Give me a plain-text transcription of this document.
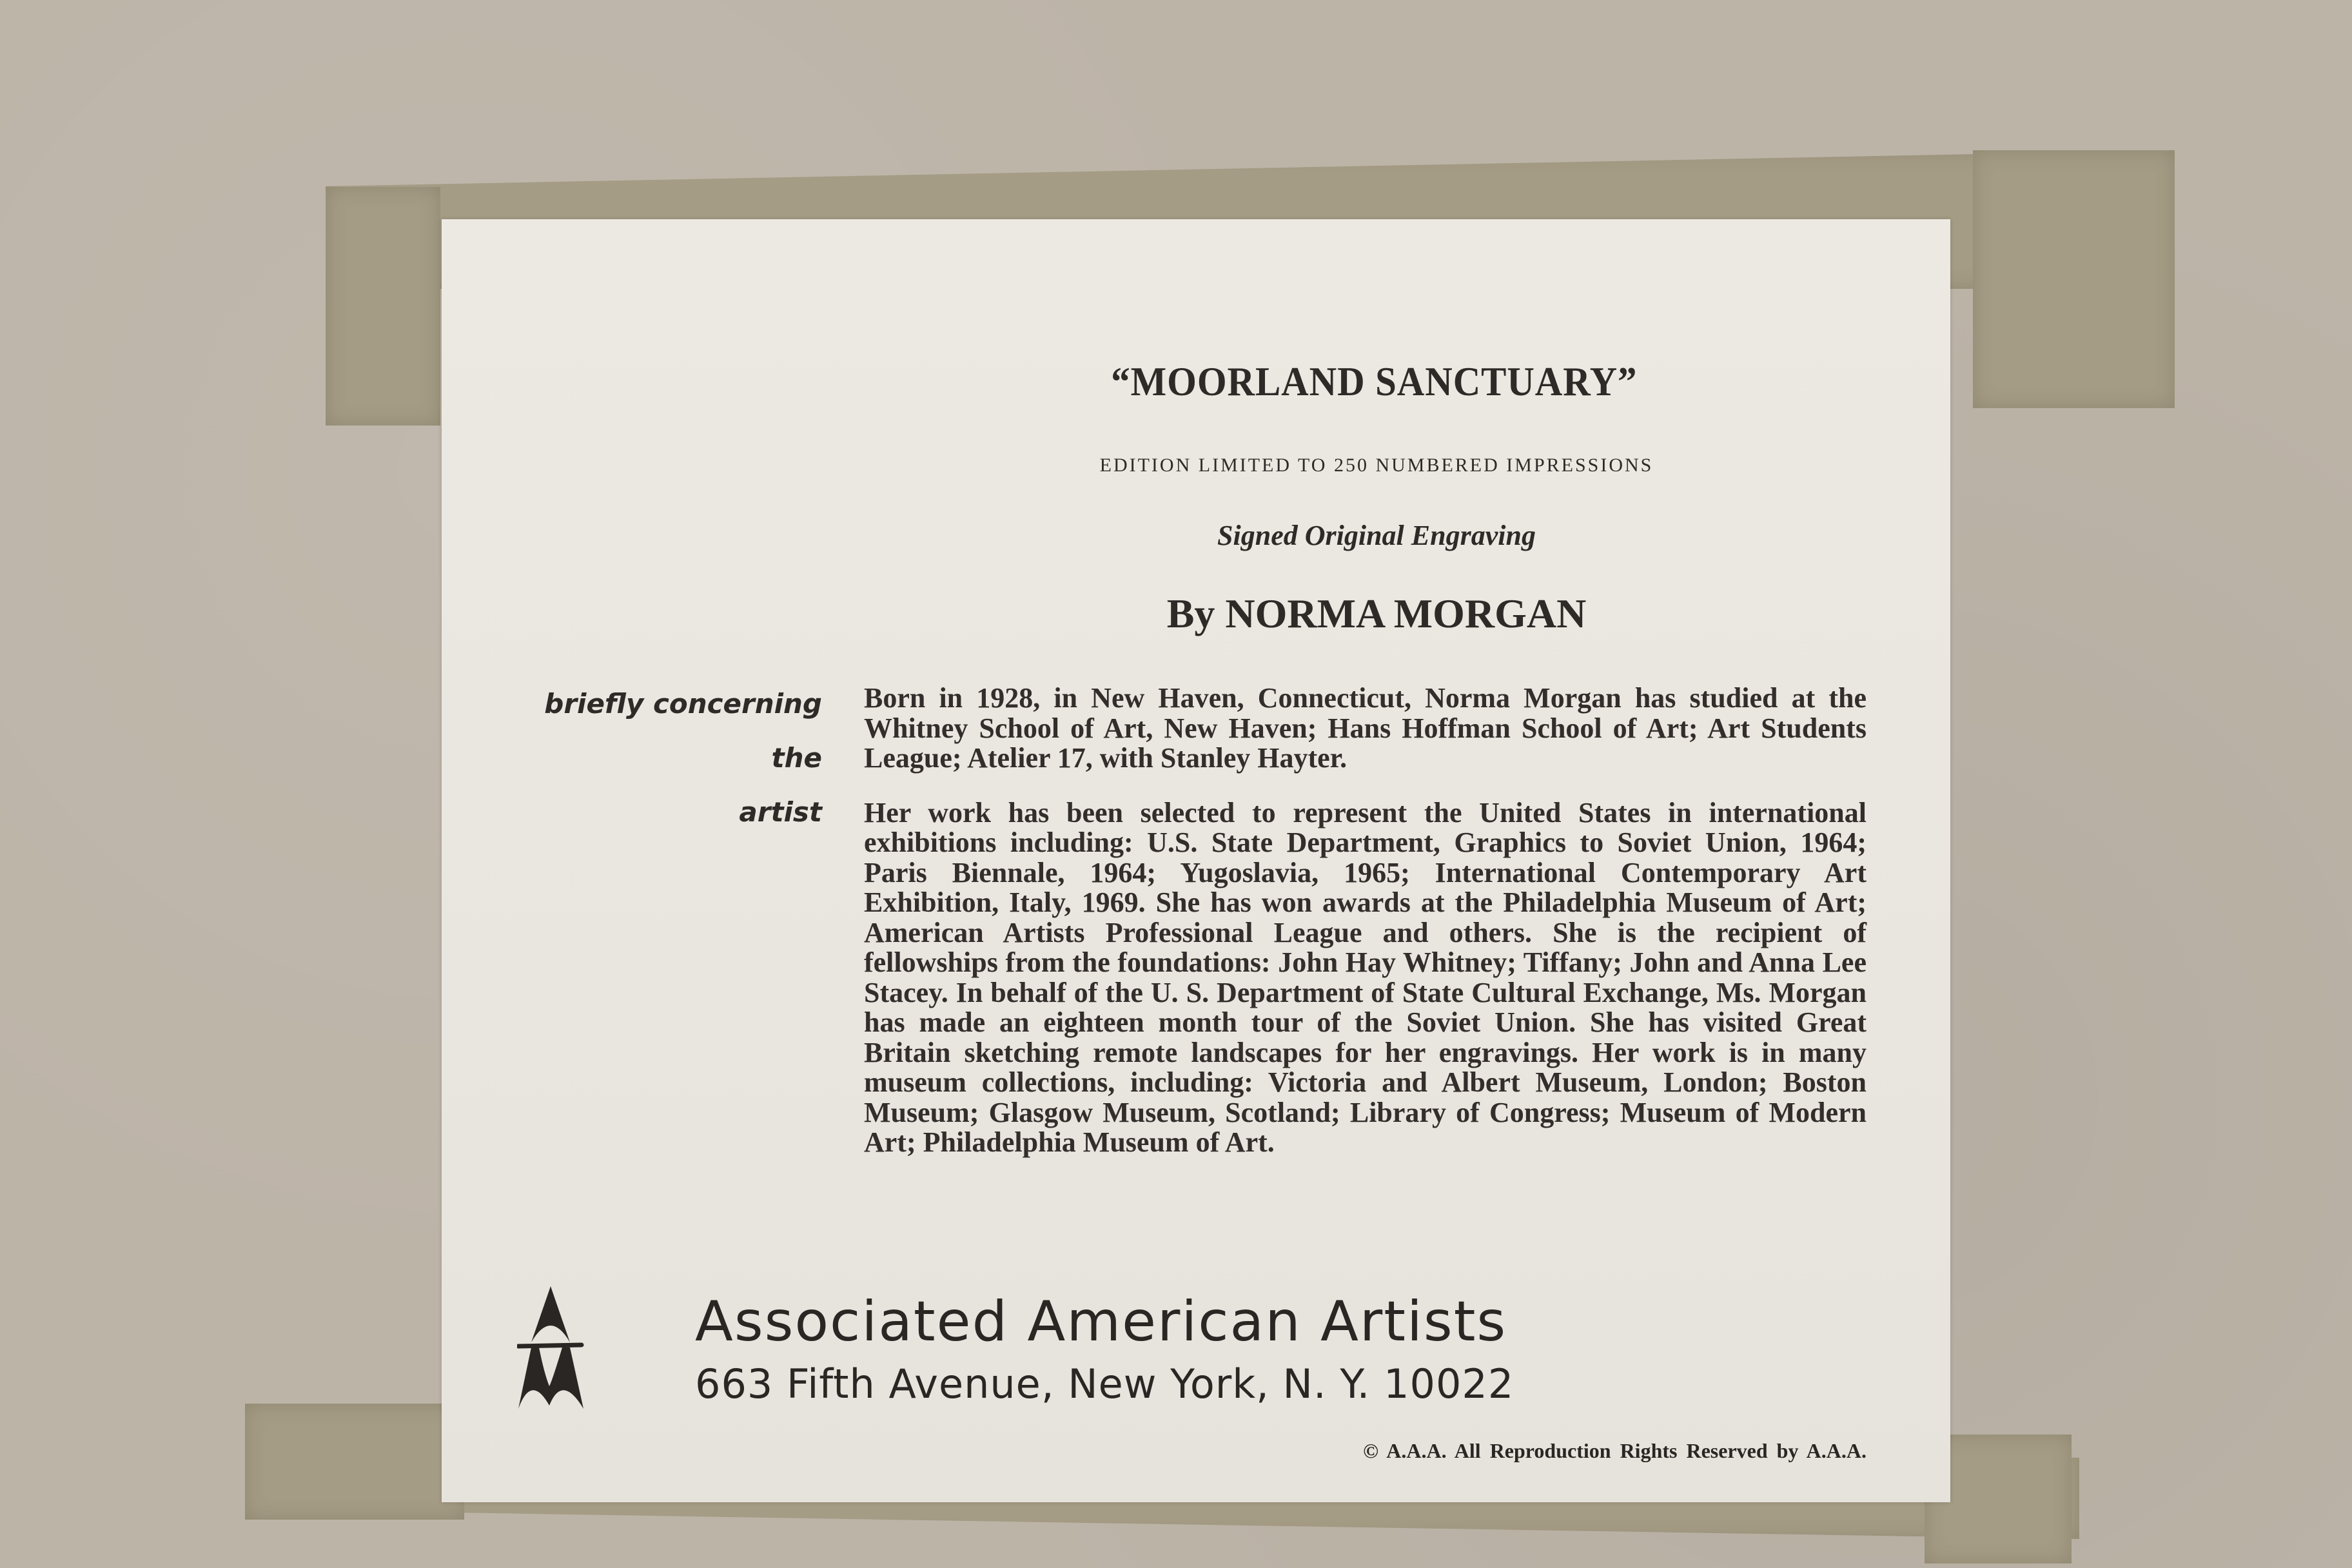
“MOORLAND SANCTUARY”
EDITION LIMITED TO 250 NUMBERED IMPRESSIONS
Signed Original Engraving
By NORMA MORGAN
briefly concerning
the
artist

Born in 1928, in New Haven, Connecticut, Norma Morgan has studied at the Whitney School of Art, New Haven; Hans Hoffman School of Art; Art Students League; Atelier 17, with Stanley Hayter.

Her work has been selected to represent the United States in international exhibitions including: U.S. State Department, Graphics to Soviet Union, 1964; Paris Biennale, 1964; Yugoslavia, 1965; International Contemporary Art Exhibition, Italy, 1969. She has won awards at the Philadelphia Museum of Art; American Artists Professional League and others. She is the recipient of fellowships from the foundations: John Hay Whitney; Tiffany; John and Anna Lee Stacey. In behalf of the U. S. Department of State Cultural Exchange, Ms. Morgan has made an eighteen month tour of the Soviet Union. She has visited Great Britain sketching remote landscapes for her engravings. Her work is in many museum collections, including: Victoria and Albert Museum, London; Boston Museum; Glasgow Museum, Scotland; Library of Congress; Museum of Modern Art; Philadelphia Museum of Art.

Associated American Artists
663 Fifth Avenue, New York, N. Y. 10022
© A.A.A. All Reproduction Rights Reserved by A.A.A.
